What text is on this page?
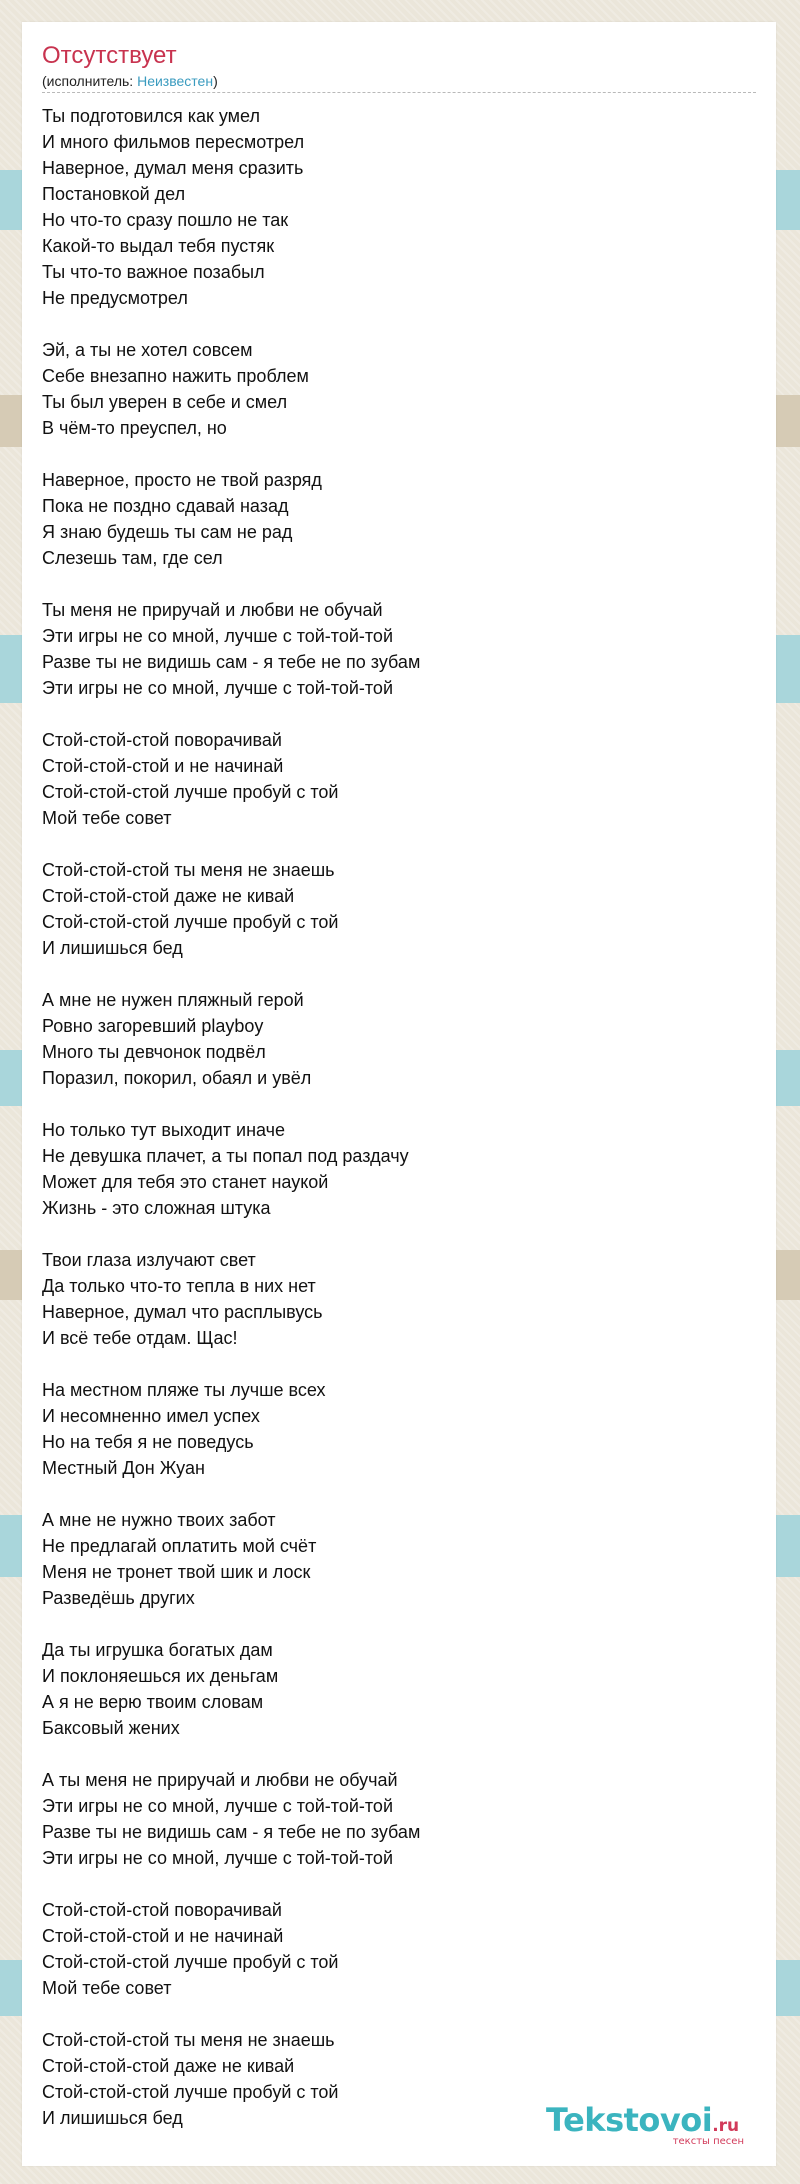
Отсутствует
(исполнитель: Неизвестен)
Ты подготовился как умел
И много фильмов пересмотрел
Наверное, думал меня сразить
Постановкой дел
Но что-то сразу пошло не так
Какой-то выдал тебя пустяк
Ты что-то важное позабыл
Не предусмотрел
Эй, а ты не хотел совсем
Себе внезапно нажить проблем
Ты был уверен в себе и смел
В чём-то преуспел, но
Наверное, просто не твой разряд
Пока не поздно сдавай назад
Я знаю будешь ты сам не рад
Слезешь там, где сел
Ты меня не приручай и любви не обучай
Эти игры не со мной, лучше с той-той-той
Разве ты не видишь сам - я тебе не по зубам
Эти игры не со мной, лучше с той-той-той
Стой-стой-стой поворачивай
Стой-стой-стой и не начинай
Стой-стой-стой лучше пробуй с той
Мой тебе совет
Стой-стой-стой ты меня не знаешь
Стой-стой-стой даже не кивай
Стой-стой-стой лучше пробуй с той
И лишишься бед
А мне не нужен пляжный герой
Ровно загоревший playboy
Много ты девчонок подвёл
Поразил, покорил, обаял и увёл
Но только тут выходит иначе
Не девушка плачет, а ты попал под раздачу
Может для тебя это станет наукой
Жизнь - это сложная штука
Твои глаза излучают свет
Да только что-то тепла в них нет
Наверное, думал что расплывусь
И всё тебе отдам. Щас!
На местном пляже ты лучше всех
И несомненно имел успех
Но на тебя я не поведусь
Местный Дон Жуан
А мне не нужно твоих забот
Не предлагай оплатить мой счёт
Меня не тронет твой шик и лоск
Разведёшь других
Да ты игрушка богатых дам
И поклоняешься их деньгам
А я не верю твоим словам
Баксовый жених
А ты меня не приручай и любви не обучай
Эти игры не со мной, лучше с той-той-той
Разве ты не видишь сам - я тебе не по зубам
Эти игры не со мной, лучше с той-той-той
Стой-стой-стой поворачивай
Стой-стой-стой и не начинай
Стой-стой-стой лучше пробуй с той
Мой тебе совет
Стой-стой-стой ты меня не знаешь
Стой-стой-стой даже не кивай
Стой-стой-стой лучше пробуй с той
И лишишься бед	Tekstovoi.ru
тексты песен
